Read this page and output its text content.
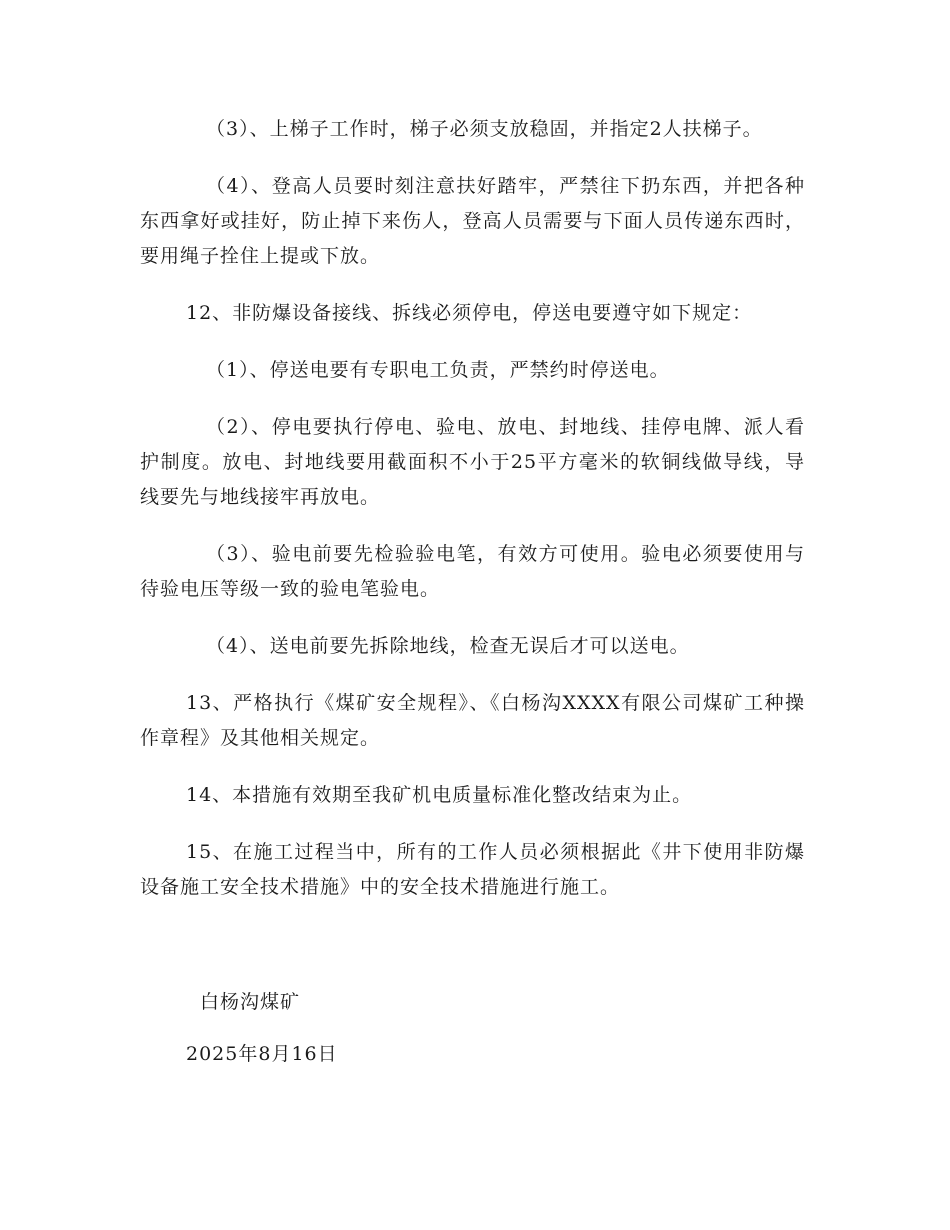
（3）、上梯子工作时，梯子必须支放稳固，并指定2人扶梯子。

（4）、登高人员要时刻注意扶好踏牢，严禁往下扔东西，并把各种东西拿好或挂好，防止掉下来伤人，登高人员需要与下面人员传递东西时，要用绳子拴住上提或下放。

12、非防爆设备接线、拆线必须停电，停送电要遵守如下规定：

（1）、停送电要有专职电工负责，严禁约时停送电。

（2）、停电要执行停电、验电、放电、封地线、挂停电牌、派人看护制度。放电、封地线要用截面积不小于25平方毫米的软铜线做导线，导线要先与地线接牢再放电。

（3）、验电前要先检验验电笔，有效方可使用。验电必须要使用与待验电压等级一致的验电笔验电。

（4）、送电前要先拆除地线，检查无误后才可以送电。

13、严格执行《煤矿安全规程》、《白杨沟XXXX有限公司煤矿工种操作章程》及其他相关规定。

14、本措施有效期至我矿机电质量标准化整改结束为止。

15、在施工过程当中，所有的工作人员必须根据此《井下使用非防爆设备施工安全技术措施》中的安全技术措施进行施工。

白杨沟煤矿
2025年8月16日
